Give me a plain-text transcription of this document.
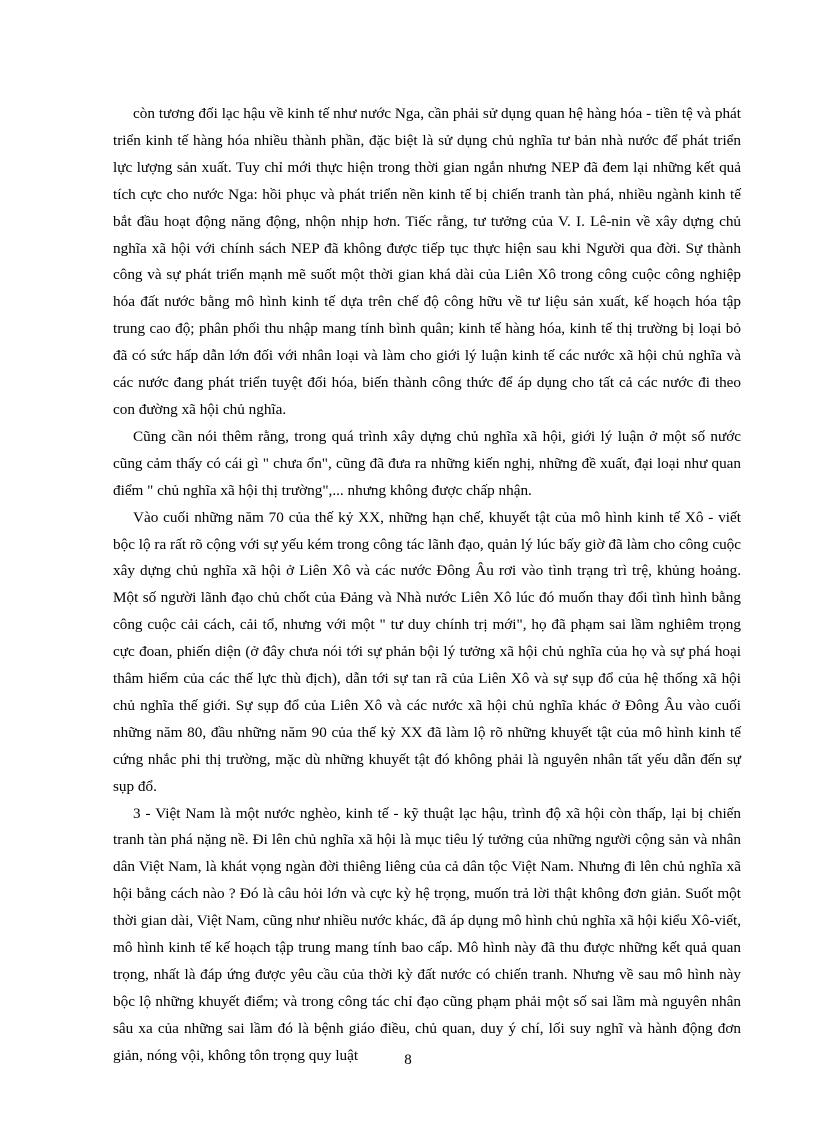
còn tương đối lạc hậu về kinh tế như nước Nga, cần phải sử dụng quan hệ hàng hóa - tiền tệ và phát triển kinh tế hàng hóa nhiều thành phần, đặc biệt là sử dụng chủ nghĩa tư bản nhà nước để phát triển lực lượng sản xuất. Tuy chỉ mới thực hiện trong thời gian ngắn nhưng NEP đã đem lại những kết quả tích cực cho nước Nga: hồi phục và phát triển nền kinh tế bị chiến tranh tàn phá, nhiều ngành kinh tế bắt đầu hoạt động năng động, nhộn nhịp hơn. Tiếc rằng, tư tưởng của V. I. Lê-nin về xây dựng chủ nghĩa xã hội với chính sách NEP đã không được tiếp tục thực hiện sau khi Người qua đời. Sự thành công và sự phát triển mạnh mẽ suốt một thời gian khá dài của Liên Xô trong công cuộc công nghiệp hóa đất nước bằng mô hình kinh tế dựa trên chế độ công hữu về tư liệu sản xuất, kế hoạch hóa tập trung cao độ; phân phối thu nhập mang tính bình quân; kinh tế hàng hóa, kinh tế thị trường bị loại bỏ đã có sức hấp dẫn lớn đối với nhân loại và làm cho giới lý luận kinh tế các nước xã hội chủ nghĩa và các nước đang phát triển tuyệt đối hóa, biến thành công thức để áp dụng cho tất cả các nước đi theo con đường xã hội chủ nghĩa.

Cũng cần nói thêm rằng, trong quá trình xây dựng chủ nghĩa xã hội, giới lý luận ở một số nước cũng cảm thấy có cái gì " chưa ổn", cũng đã đưa ra những kiến nghị, những đề xuất, đại loại như quan điểm " chủ nghĩa xã hội thị trường",... nhưng không được chấp nhận.

Vào cuối những năm 70 của thế kỷ XX, những hạn chế, khuyết tật của mô hình kinh tế Xô - viết bộc lộ ra rất rõ cộng với sự yếu kém trong công tác lãnh đạo, quản lý lúc bấy giờ đã làm cho công cuộc xây dựng chủ nghĩa xã hội ở Liên Xô và các nước Đông Âu rơi vào tình trạng trì trệ, khủng hoảng. Một số người lãnh đạo chủ chốt của Đảng và Nhà nước Liên Xô lúc đó muốn thay đổi tình hình bằng công cuộc cải cách, cải tổ, nhưng với một " tư duy chính trị mới", họ đã phạm sai lầm nghiêm trọng cực đoan, phiến diện (ở đây chưa nói tới sự phản bội lý tưởng xã hội chủ nghĩa của họ và sự phá hoại thâm hiểm của các thế lực thù địch), dẫn tới sự tan rã của Liên Xô và sự sụp đổ của hệ thống xã hội chủ nghĩa thế giới. Sự sụp đổ của Liên Xô và các nước xã hội chủ nghĩa khác ở Đông Âu vào cuối những năm 80, đầu những năm 90 của thế kỷ XX đã làm lộ rõ những khuyết tật của mô hình kinh tế cứng nhắc phi thị trường, mặc dù những khuyết tật đó không phải là nguyên nhân tất yếu dẫn đến sự sụp đổ.

3 - Việt Nam là một nước nghèo, kinh tế - kỹ thuật lạc hậu, trình độ xã hội còn thấp, lại bị chiến tranh tàn phá nặng nề. Đi lên chủ nghĩa xã hội là mục tiêu lý tưởng của những người cộng sản và nhân dân Việt Nam, là khát vọng ngàn đời thiêng liêng của cả dân tộc Việt Nam. Nhưng đi lên chủ nghĩa xã hội bằng cách nào ? Đó là câu hỏi lớn và cực kỳ hệ trọng, muốn trả lời thật không đơn giản. Suốt một thời gian dài, Việt Nam, cũng như nhiều nước khác, đã áp dụng mô hình chủ nghĩa xã hội kiểu Xô-viết, mô hình kinh tế kế hoạch tập trung mang tính bao cấp. Mô hình này đã thu được những kết quả quan trọng, nhất là đáp ứng được yêu cầu của thời kỳ đất nước có chiến tranh. Nhưng về sau mô hình này bộc lộ những khuyết điểm; và trong công tác chỉ đạo cũng phạm phải một số sai lầm mà nguyên nhân sâu xa của những sai lầm đó là bệnh giáo điều, chủ quan, duy ý chí, lối suy nghĩ và hành động đơn giản, nóng vội, không tôn trọng quy luật	8
